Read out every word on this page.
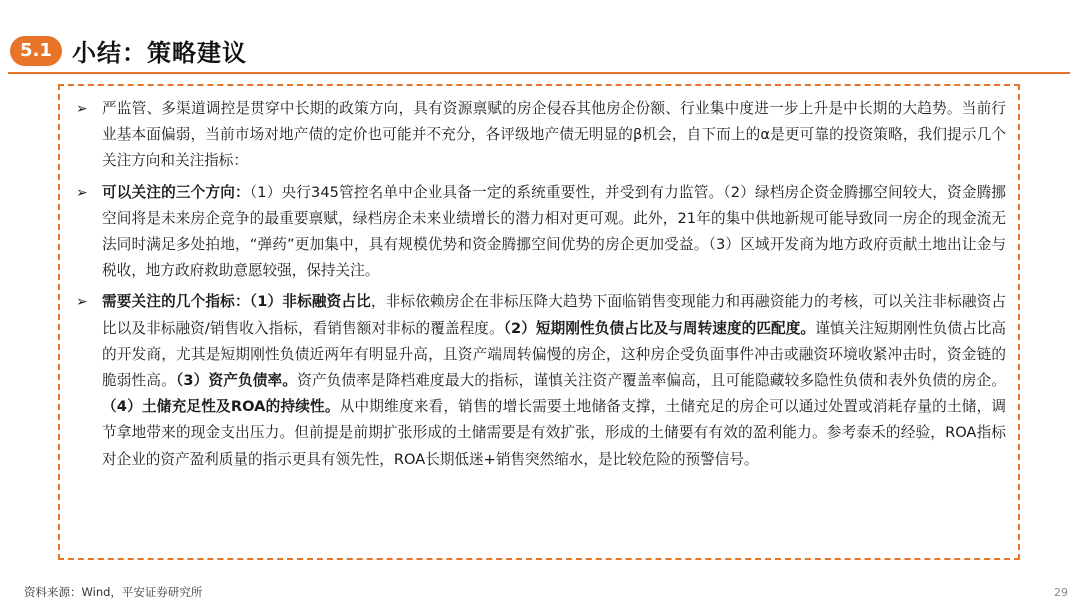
5.1 小结：策略建议
➢ 严监管、多渠道调控是贯穿中长期的政策方向，具有资源禀赋的房企侵吞其他房企份额、行业集中度进一步上升是中长期的大趋势。当前行业基本面偏弱，当前市场对地产债的定价也可能并不充分，各评级地产债无明显的β机会，自下而上的α是更可靠的投资策略，我们提示几个关注方向和关注指标：
➢ 可以关注的三个方向：（1）央行345管控名单中企业具备一定的系统重要性，并受到有力监管。（2）绿档房企资金腾挪空间较大，资金腾挪空间将是未来房企竞争的最重要禀赋，绿档房企未来业绩增长的潜力相对更可观。此外，21年的集中供地新规可能导致同一房企的现金流无法同时满足多处拍地，“弹药”更加集中，具有规模优势和资金腾挪空间优势的房企更加受益。（3）区域开发商为地方政府贡献土地出让金与税收，地方政府救助意愿较强，保持关注。
➢ 需要关注的几个指标：（1）非标融资占比，非标依赖房企在非标压降大趋势下面临销售变现能力和再融资能力的考核，可以关注非标融资占比以及非标融资/销售收入指标，看销售额对非标的覆盖程度。（2）短期刚性负债占比及与周转速度的匹配度。谨慎关注短期刚性负债占比高的开发商，尤其是短期刚性负债近两年有明显升高，且资产端周转偏慢的房企，这种房企受负面事件冲击或融资环境收紧冲击时，资金链的脆弱性高。（3）资产负债率。资产负债率是降档难度最大的指标，谨慎关注资产覆盖率偏高，且可能隐藏较多隐性负债和表外负债的房企。（4）土储充足性及ROA的持续性。从中期维度来看，销售的增长需要土地储备支撑，土储充足的房企可以通过处置或消耗存量的土储，调节拿地带来的现金支出压力。但前提是前期扩张形成的土储需要是有效扩张，形成的土储要有有效的盈利能力。参考泰禾的经验，ROA指标对企业的资产盈利质量的指示更具有领先性，ROA长期低迷+销售突然缩水，是比较危险的预警信号。
资料来源：Wind，平安证券研究所	29
